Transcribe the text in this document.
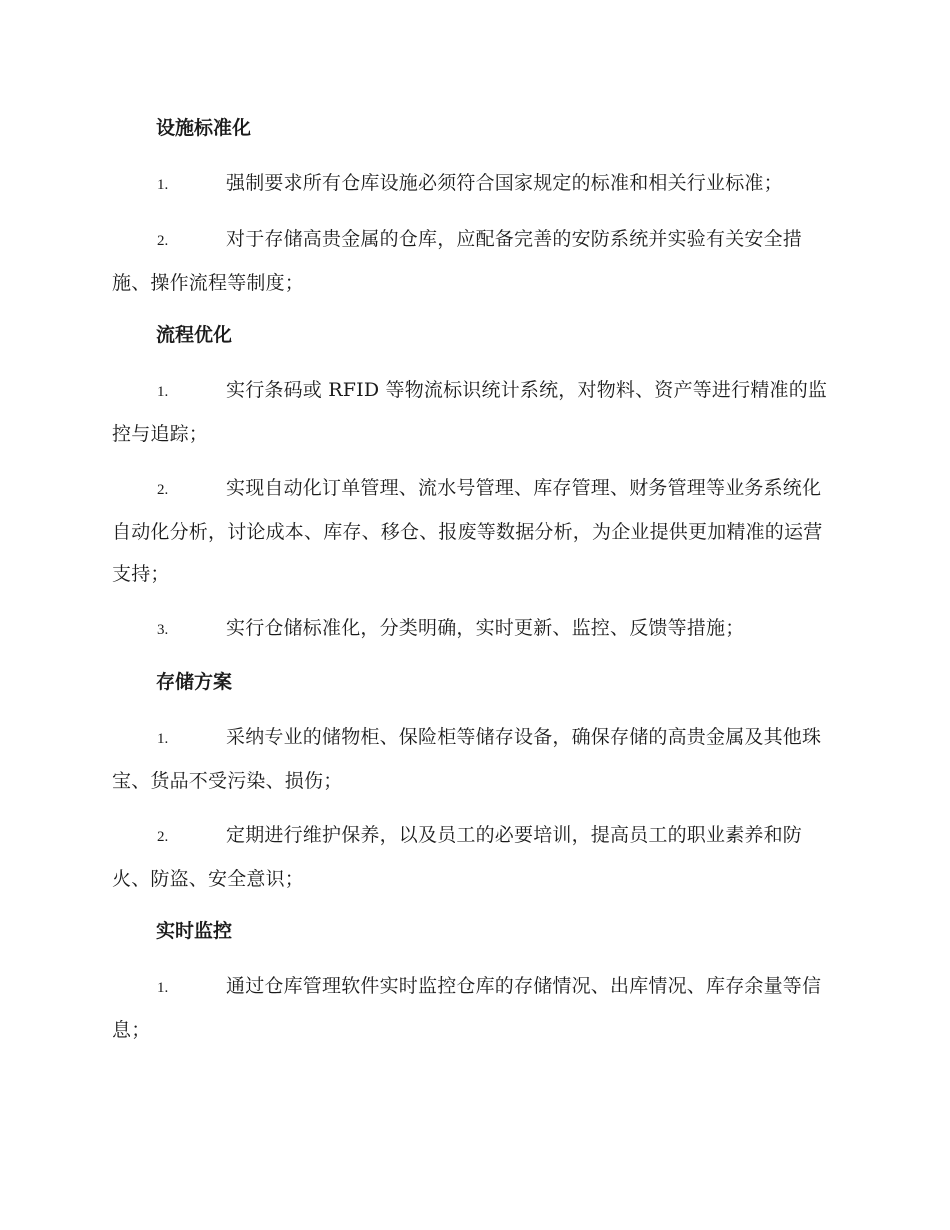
设施标准化
1.	强制要求所有仓库设施必须符合国家规定的标准和相关行业标准；
2.	对于存储高贵金属的仓库，应配备完善的安防系统并实验有关安全措施、操作流程等制度；
流程优化
1.	实行条码或 RFID 等物流标识统计系统，对物料、资产等进行精准的监控与追踪；
2.	实现自动化订单管理、流水号管理、库存管理、财务管理等业务系统化自动化分析，讨论成本、库存、移仓、报废等数据分析，为企业提供更加精准的运营支持；
3.	实行仓储标准化，分类明确，实时更新、监控、反馈等措施；
存储方案
1.	采纳专业的储物柜、保险柜等储存设备，确保存储的高贵金属及其他珠宝、货品不受污染、损伤；
2.	定期进行维护保养，以及员工的必要培训，提高员工的职业素养和防火、防盗、安全意识；
实时监控
1.	通过仓库管理软件实时监控仓库的存储情况、出库情况、库存余量等信息；
